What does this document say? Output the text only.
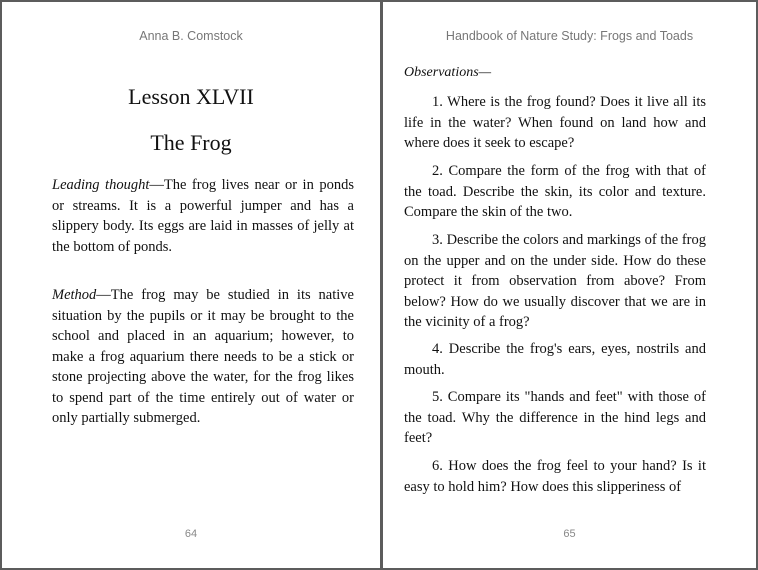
Anna B. Comstock
Lesson XLVII
The Frog

Leading thought—The frog lives near or in ponds or streams. It is a powerful jumper and has a slippery body. Its eggs are laid in masses of jelly at the bottom of ponds.

Method—The frog may be studied in its native situation by the pupils or it may be brought to the school and placed in an aquarium; however, to make a frog aquarium there needs to be a stick or stone projecting above the water, for the frog likes to spend part of the time entirely out of water or only partially submerged.

64
Handbook of Nature Study: Frogs and Toads
Observations—

1. Where is the frog found? Does it live all its life in the water? When found on land how and where does it seek to escape?

2. Compare the form of the frog with that of the toad. Describe the skin, its color and texture. Compare the skin of the two.

3. Describe the colors and markings of the frog on the upper and on the under side. How do these protect it from observation from above? From below? How do we usually discover that we are in the vicinity of a frog?

4. Describe the frog's ears, eyes, nostrils and mouth.

5. Compare its "hands and feet" with those of the toad. Why the difference in the hind legs and feet?

6. How does the frog feel to your hand? Is it easy to hold him? How does this slipperiness of

65
